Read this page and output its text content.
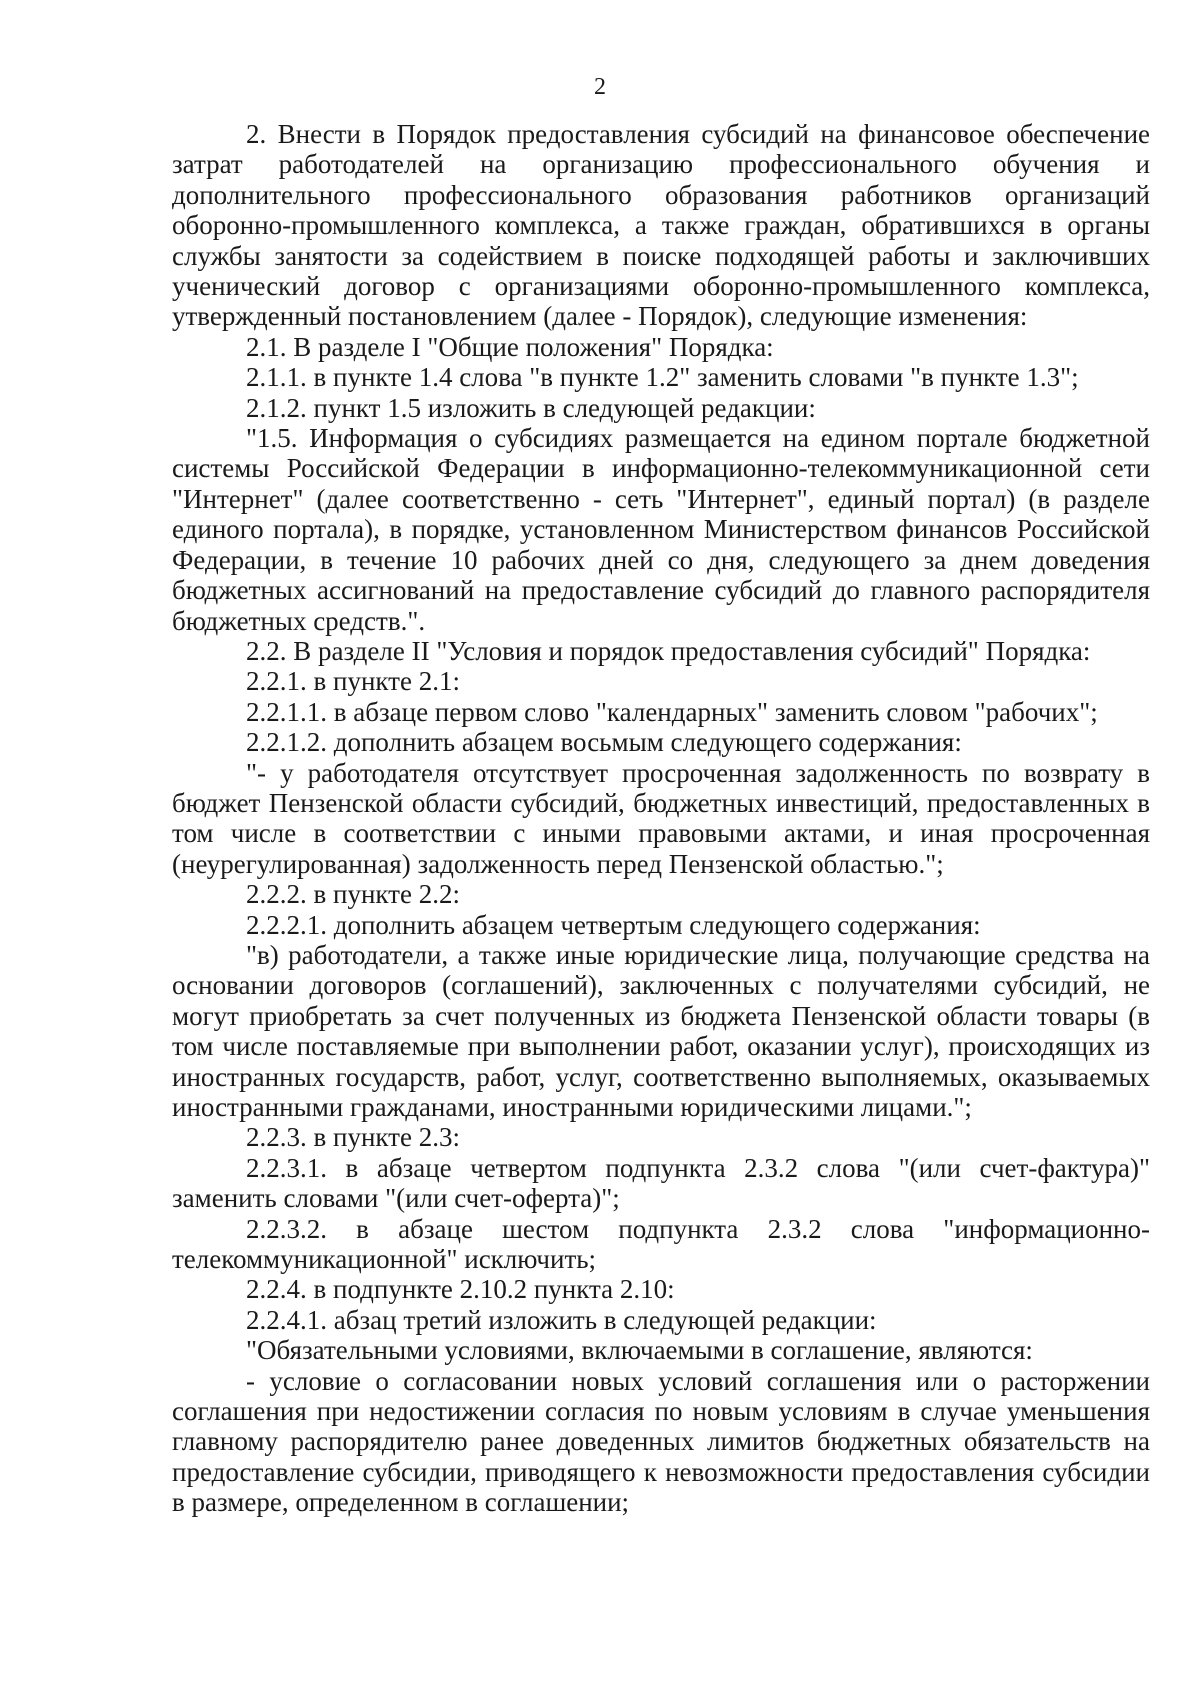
2

2. Внести в Порядок предоставления субсидий на финансовое обеспечение затрат работодателей на организацию профессионального обучения и дополнительного профессионального образования работников организаций оборонно-промышленного комплекса, а также граждан, обратившихся в органы службы занятости за содействием в поиске подходящей работы и заключивших ученический договор с организациями оборонно-промышленного комплекса, утвержденный постановлением (далее - Порядок), следующие изменения:

2.1. В разделе I "Общие положения" Порядка:

2.1.1. в пункте 1.4 слова "в пункте 1.2" заменить словами "в пункте 1.3";

2.1.2. пункт 1.5 изложить в следующей редакции:

"1.5. Информация о субсидиях размещается на едином портале бюджетной системы Российской Федерации в информационно-телекоммуникационной сети "Интернет" (далее соответственно - сеть "Интернет", единый портал) (в разделе единого портала), в порядке, установленном Министерством финансов Российской Федерации, в течение 10 рабочих дней со дня, следующего за днем доведения бюджетных ассигнований на предоставление субсидий до главного распорядителя бюджетных средств.".

2.2. В разделе II "Условия и порядок предоставления субсидий" Порядка:

2.2.1. в пункте 2.1:

2.2.1.1. в абзаце первом слово "календарных" заменить словом "рабочих";

2.2.1.2. дополнить абзацем восьмым следующего содержания:

"- у работодателя отсутствует просроченная задолженность по возврату в бюджет Пензенской области субсидий, бюджетных инвестиций, предоставленных в том числе в соответствии с иными правовыми актами, и иная просроченная (неурегулированная) задолженность перед Пензенской областью.";

2.2.2. в пункте 2.2:

2.2.2.1. дополнить абзацем четвертым следующего содержания:

"в) работодатели, а также иные юридические лица, получающие средства на основании договоров (соглашений), заключенных с получателями субсидий, не могут приобретать за счет полученных из бюджета Пензенской области товары (в том числе поставляемые при выполнении работ, оказании услуг), происходящих из иностранных государств, работ, услуг, соответственно выполняемых, оказываемых иностранными гражданами, иностранными юридическими лицами.";

2.2.3. в пункте 2.3:

2.2.3.1. в абзаце четвертом подпункта 2.3.2 слова "(или счет-фактура)" заменить словами "(или счет-оферта)";

2.2.3.2. в абзаце шестом подпункта 2.3.2 слова "информационно-телекоммуникационной" исключить;

2.2.4. в подпункте 2.10.2 пункта 2.10:

2.2.4.1. абзац третий изложить в следующей редакции:

"Обязательными условиями, включаемыми в соглашение, являются:

- условие о согласовании новых условий соглашения или о расторжении соглашения при недостижении согласия по новым условиям в случае уменьшения главному распорядителю ранее доведенных лимитов бюджетных обязательств на предоставление субсидии, приводящего к невозможности предоставления субсидии в размере, определенном в соглашении;
